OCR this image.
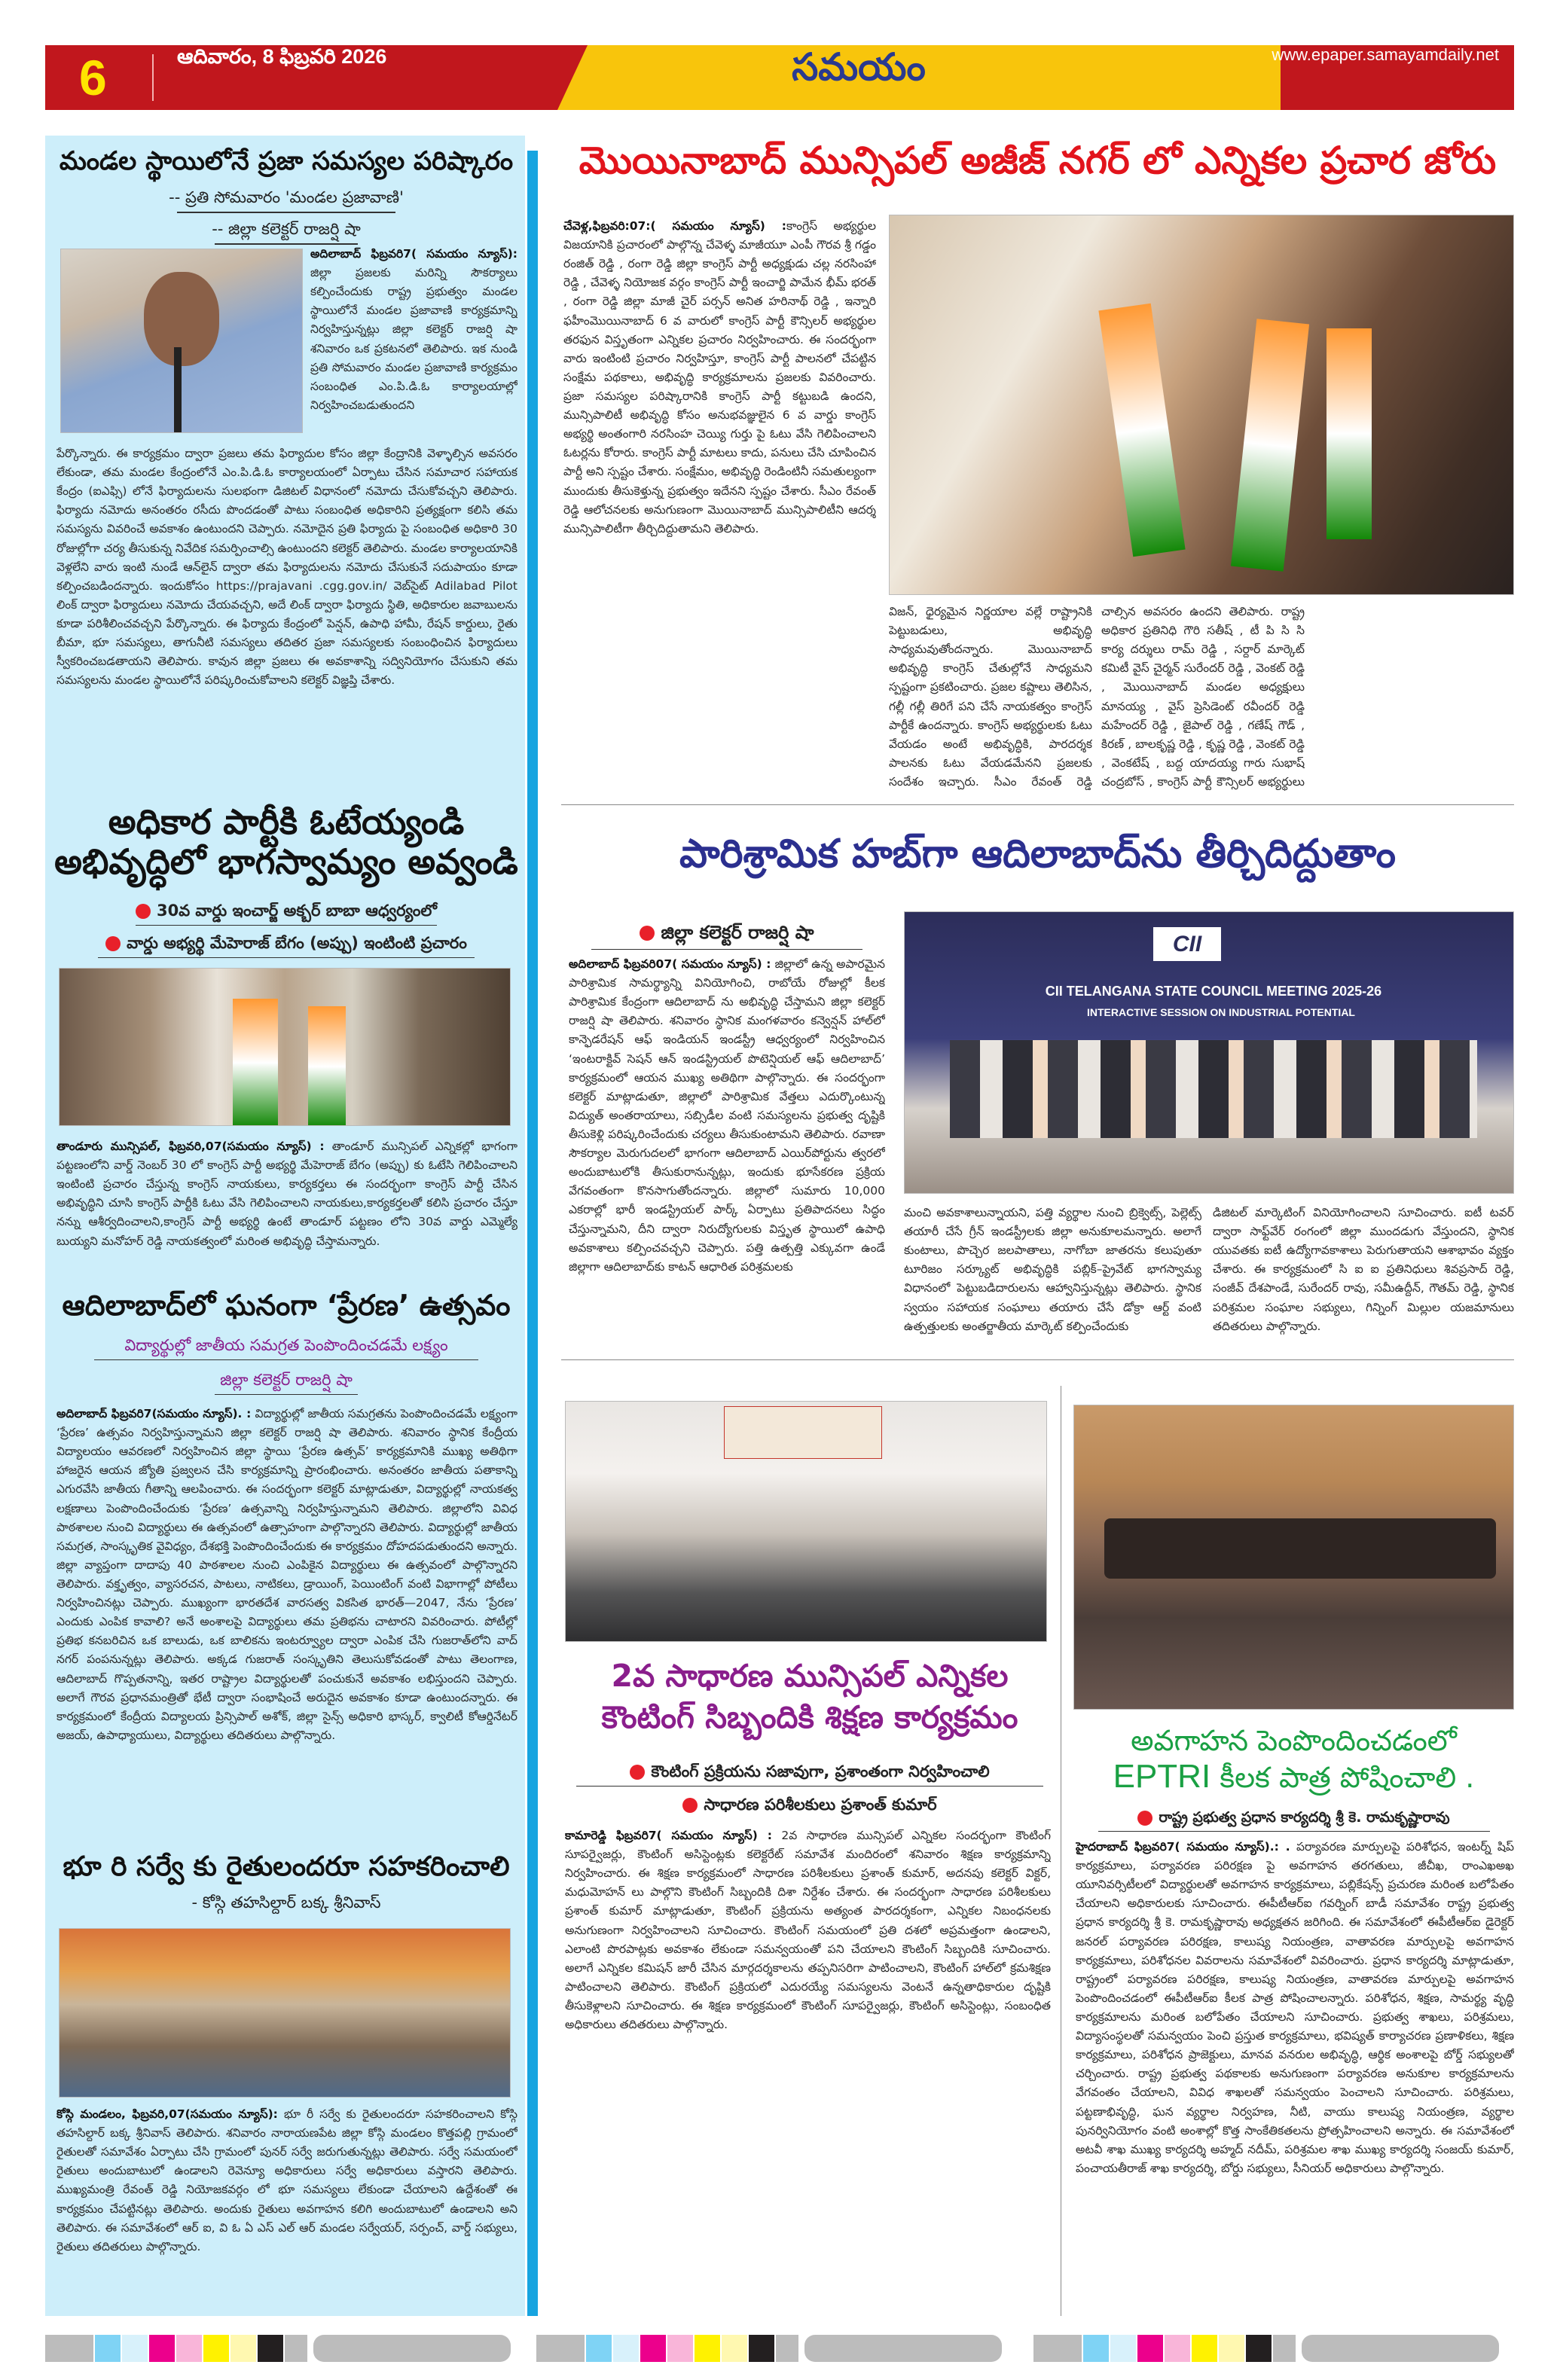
6	ఆదివారం, 8 ఫిబ్రవరి 2026	సమయం	www.epaper.samayamdaily.net
మండల స్థాయిలోనే ప్రజా సమస్యల పరిష్కారం
-- ప్రతి సోమవారం 'మండల ప్రజావాణి'
-- జిల్లా కలెక్టర్ రాజర్షి షా
అదిలాబాద్ ఫిబ్రవరి7( సమయం న్యూస్): జిల్లా ప్రజలకు మరిన్ని సౌకర్యాలు కల్పించేందుకు రాష్ట్ర ప్రభుత్వం మండల స్థాయిలోనే మండల ప్రజావాణి కార్యక్రమాన్ని నిర్వహిస్తున్నట్లు జిల్లా కలెక్టర్ రాజర్షి షా శనివారం ఒక ప్రకటనలో తెలిపారు. ఇక నుండి ప్రతి సోమవారం మండల ప్రజావాణి కార్యక్రమం సంబంధిత ఎం.పి.డి.ఓ కార్యాలయాల్లో నిర్వహించబడుతుందని
పేర్కొన్నారు. ఈ కార్యక్రమం ద్వారా ప్రజలు తమ ఫిర్యాదుల కోసం జిల్లా కేంద్రానికి వెళ్ళాల్సిన అవసరం లేకుండా, తమ మండల కేంద్రంలోనే ఎం.పి.డి.ఓ కార్యాలయంలో ఏర్పాటు చేసిన సమాచార సహాయక కేంద్రం (ఐఎఫ్సి) లోనే ఫిర్యాదులను సులభంగా డిజిటల్ విధానంలో నమోదు చేసుకోవచ్చని తెలిపారు. ఫిర్యాదు నమోదు అనంతరం రసీదు పొందడంతో పాటు సంబంధిత అధికారిని ప్రత్యక్షంగా కలిసి తమ సమస్యను వివరించే అవకాశం ఉంటుందని చెప్పారు. నమోదైన ప్రతి ఫిర్యాదు పై సంబంధిత అధికారి 30 రోజుల్లోగా చర్య తీసుకున్న నివేదిక సమర్పించాల్సి ఉంటుందని కలెక్టర్ తెలిపారు. మండల కార్యాలయానికి వెళ్లలేని వారు ఇంటి నుండే ఆన్‌లైన్ ద్వారా తమ ఫిర్యాదులను నమోదు చేసుకునే సదుపాయం కూడా కల్పించబడిందన్నారు. ఇందుకోసం https://prajavani .cgg.gov.in/ వెబ్‌సైట్ Adilabad Pilot లింక్ ద్వారా ఫిర్యాదులు నమోదు చేయవచ్చని, అదే లింక్ ద్వారా ఫిర్యాదు స్థితి, అధికారుల జవాబులను కూడా పరిశీలించవచ్చని పేర్కొన్నారు. ఈ ఫిర్యాదు కేంద్రంలో పెన్షన్, ఉపాధి హామీ, రేషన్ కార్డులు, రైతు బీమా, భూ సమస్యలు, తాగునీటి సమస్యలు తదితర ప్రజా సమస్యలకు సంబంధించిన ఫిర్యాదులు స్వీకరించబడతాయని తెలిపారు. కావున జిల్లా ప్రజలు ఈ అవకాశాన్ని సద్వినియోగం చేసుకుని తమ సమస్యలను మండల స్థాయిలోనే పరిష్కరించుకోవాలని కలెక్టర్ విజ్ఞప్తి చేశారు.
అధికార పార్టీకి ఓటేయ్యండి అభివృద్ధిలో భాగస్వామ్యం అవ్వండి
30వ వార్డు ఇంచార్జ్ అక్బర్ బాబా ఆధ్వర్యంలో
వార్డు అభ్యర్థి మేహెరాజ్ బేగం (అప్పు) ఇంటింటి ప్రచారం
తాండూరు మున్సిపల్, ఫిబ్రవరి,07(సమయం న్యూస్) : తాండూర్ మున్సిపల్ ఎన్నికల్లో భాగంగా పట్టణంలోని వార్డ్ నెంబర్ 30 లో కాంగ్రెస్ పార్టీ అభ్యర్థి మేహెరాజ్ బేగం (అప్పు) కు ఓటేసి గెలిపించాలని ఇంటింటి ప్రచారం చేస్తున్న కాంగ్రెస్ నాయకులు, కార్యకర్తలు ఈ సందర్భంగా కాంగ్రెస్ పార్టీ చేసిన అభివృద్ధిని చూసి కాంగ్రెస్ పార్టీకి ఓటు వేసి గెలిపించాలని నాయకులు,కార్యకర్తలతో కలిసి ప్రచారం చేస్తూ నన్ను ఆశీర్వదించాలని,కాంగ్రెస్ పార్టీ అభ్యర్థి ఉంటే తాండూర్ పట్టణం లోని 30వ వార్డు ఎమ్మెల్యే బుయ్యని మనోహర్ రెడ్డి నాయకత్వంలో మరింత అభివృద్ధి చేస్తామన్నారు.
ఆదిలాబాద్‌లో ఘనంగా ‘ప్రేరణ’ ఉత్సవం
విద్యార్థుల్లో జాతీయ సమగ్రత పెంపొందించడమే లక్ష్యం
జిల్లా కలెక్టర్ రాజర్షి షా
అదిలాబాద్ ఫిబ్రవరి7(సమయం న్యూస్). : విద్యార్థుల్లో జాతీయ సమగ్రతను పెంపొందించడమే లక్ష్యంగా ‘ప్రేరణ’ ఉత్సవం నిర్వహిస్తున్నామని జిల్లా కలెక్టర్ రాజర్షి షా తెలిపారు. శనివారం స్థానిక కేంద్రీయ విద్యాలయం ఆవరణలో నిర్వహించిన జిల్లా స్థాయి ‘ప్రేరణ ఉత్సవ్’ కార్యక్రమానికి ముఖ్య అతిథిగా హాజరైన ఆయన జ్యోతి ప్రజ్వలన చేసి కార్యక్రమాన్ని ప్రారంభించారు. అనంతరం జాతీయ పతాకాన్ని ఎగురవేసి జాతీయ గీతాన్ని ఆలపించారు. ఈ సందర్భంగా కలెక్టర్ మాట్లాడుతూ, విద్యార్థుల్లో నాయకత్వ లక్షణాలు పెంపొందించేందుకు ‘ప్రేరణ’ ఉత్సవాన్ని నిర్వహిస్తున్నామని తెలిపారు. జిల్లాలోని వివిధ పాఠశాలల నుంచి విద్యార్థులు ఈ ఉత్సవంలో ఉత్సాహంగా పాల్గొన్నారని తెలిపారు. విద్యార్థుల్లో జాతీయ సమగ్రత, సాంస్కృతిక వైవిధ్యం, దేశభక్తి పెంపొందించేందుకు ఈ కార్యక్రమం దోహదపడుతుందని అన్నారు. జిల్లా వ్యాప్తంగా దాదాపు 40 పాఠశాలల నుంచి ఎంపికైన విద్యార్థులు ఈ ఉత్సవంలో పాల్గొన్నారని తెలిపారు. వక్తృత్వం, వ్యాసరచన, పాటలు, నాటికలు, డ్రాయింగ్, పెయింటింగ్ వంటి విభాగాల్లో పోటీలు నిర్వహించినట్లు చెప్పారు. ముఖ్యంగా భారతదేశ వారసత్వ వికసిత భారత్—2047, నేను ‘ప్రేరణ’ ఎందుకు ఎంపిక కావాలి? అనే అంశాలపై విద్యార్థులు తమ ప్రతిభను చాటారని వివరించారు. పోటీల్లో ప్రతిభ కనబరిచిన ఒక బాలుడు, ఒక బాలికను ఇంటర్వ్యూల ద్వారా ఎంపిక చేసి గుజరాత్‌లోని వాద్ నగర్ పంపనున్నట్లు తెలిపారు. అక్కడ గుజరాత్ సంస్కృతిని తెలుసుకోవడంతో పాటు తెలంగాణ, ఆదిలాబాద్ గొప్పతనాన్ని, ఇతర రాష్ట్రాల విద్యార్థులతో పంచుకునే అవకాశం లభిస్తుందని చెప్పారు. అలాగే గౌరవ ప్రధానమంత్రితో భేటీ ద్వారా సంభాషించే అరుదైన అవకాశం కూడా ఉంటుందన్నారు. ఈ కార్యక్రమంలో కేంద్రీయ విద్యాలయ ప్రిన్సిపాల్ అశోక్, జిల్లా సైన్స్ అధికారి భాస్కర్, క్వాలిటీ కోఆర్డినేటర్ అజయ్, ఉపాధ్యాయులు, విద్యార్థులు తదితరులు పాల్గొన్నారు.
భూ రి సర్వే కు రైతులందరూ సహకరించాలి
- కోస్గి తహసిల్దార్ బక్క శ్రీనివాస్
కోస్గి మండలం, ఫిబ్రవరి,07(సమయం న్యూస్): భూ రీ సర్వే కు రైతులందరూ సహకరించాలని కోస్గి తహసిల్దార్ బక్క శ్రీనివాస్ తెలిపారు. శనివారం నారాయణపేట జిల్లా కోస్గి మండలం కొత్తపల్లి గ్రామంలో రైతులతో సమావేశం ఏర్పాటు చేసి గ్రామంలో పునర్ సర్వే జరుగుతున్నట్లు తెలిపారు. సర్వే సమయంలో రైతులు అందుబాటులో ఉండాలని రెవెన్యూ అధికారులు సర్వే అధికారులు వస్తారని తెలిపారు. ముఖ్యమంత్రి రేవంత్ రెడ్డి నియోజకవర్గం లో భూ సమస్యలు లేకుండా చేయాలని ఉద్దేశంతో ఈ కార్యక్రమం చేపట్టినట్లు తెలిపారు. అందుకు రైతులు అవగాహన కలిగి అందుబాటులో ఉండాలని అని తెలిపారు. ఈ సమావేశంలో ఆర్ ఐ, వి ఓ ఏ ఎస్ ఎల్ ఆర్ మండల సర్వేయర్, సర్పంచ్, వార్డ్ సభ్యులు, రైతులు తదితరులు పాల్గొన్నారు.
మొయినాబాద్ మున్సిపల్ అజీజ్ నగర్ లో ఎన్నికల ప్రచార జోరు
చేవెళ్ల,ఫిబ్రవరి:07:( సమయం న్యూస్) :కాంగ్రెస్ అభ్యర్థుల విజయానికి ప్రచారంలో పాల్గొన్న చేవెళ్ళ మాజీయూ ఎంపీ గౌరవ శ్రీ గడ్డం రంజిత్ రెడ్డి , రంగా రెడ్డి జిల్లా కాంగ్రెస్ పార్టీ అధ్యక్షుడు చల్ల నరసింహా రెడ్డి , చేవెళ్ళ నియోజక వర్గం కాంగ్రెస్ పార్టీ ఇంచార్జి పామేన భీమ్ భరత్ , రంగా రెడ్డి జిల్లా మాజీ చైర్ పర్సన్ అనిత హరినాథ్ రెడ్డి , ఇన్నారి ఫహీంమొయినాబాద్ 6 వ వారులో కాంగ్రెస్ పార్టీ కౌన్సిలర్ అభ్యర్థుల తరఫున విస్తృతంగా ఎన్నికల ప్రచారం నిర్వహించారు. ఈ సందర్భంగా వారు ఇంటింటి ప్రచారం నిర్వహిస్తూ, కాంగ్రెస్ పార్టీ పాలనలో చేపట్టిన సంక్షేమ పథకాలు, అభివృద్ధి కార్యక్రమాలను ప్రజలకు వివరించారు. ప్రజా సమస్యల పరిష్కారానికి కాంగ్రెస్ పార్టీ కట్టుబడి ఉందని, మున్సిపాలిటీ అభివృద్ధి కోసం అనుభవజ్ఞులైన 6 వ వార్డు కాంగ్రెస్ అభ్యర్థి అంతంగారి నరసింహ చెయ్యి గుర్తు పై ఓటు వేసి గెలిపించాలని ఓటర్లను కోరారు. కాంగ్రెస్ పార్టీ మాటలు కాదు, పనులు చేసి చూపించిన పార్టీ అని స్పష్టం చేశారు. సంక్షేమం, అభివృద్ధి రెండింటినీ సమతుల్యంగా ముందుకు తీసుకెళ్తున్న ప్రభుత్వం ఇదేనని స్పష్టం చేశారు. సీఎం రేవంత్ రెడ్డి ఆలోచనలకు అనుగుణంగా మొయినాబాద్ మున్సిపాలిటీని ఆదర్శ మున్సిపాలిటీగా తీర్చిదిద్దుతామని తెలిపారు.
విజన్, ధైర్యమైన నిర్ణయాల వల్లే రాష్ట్రానికి పెట్టుబడులు, అభివృద్ధి సాధ్యమవుతోందన్నారు. మొయినాబాద్ అభివృద్ధి కాంగ్రెస్ చేతుల్లోనే సాధ్యమని స్పష్టంగా ప్రకటించారు. ప్రజల కష్టాలు తెలిసిన, గల్లీ గల్లీ తిరిగే పని చేసే నాయకత్వం కాంగ్రెస్ పార్టీకే ఉందన్నారు. కాంగ్రెస్ అభ్యర్థులకు ఓటు వేయడం అంటే అభివృద్ధికి, పారదర్శక పాలనకు ఓటు వేయడమేనని ప్రజలకు సందేశం ఇచ్చారు. సీఎం రేవంత్ రెడ్డి
చాల్సిన అవసరం ఉందని తెలిపారు. రాష్ట్ర అధికార ప్రతినిధి గౌరి సతీష్ , టీ పి సి సి కార్య దర్శులు రామ్ రెడ్డి , సర్దార్ మార్కెట్ కమిటీ వైస్ చైర్మన్ సురేందర్ రెడ్డి , వెంకట్ రెడ్డి , మొయినాబాద్ మండల అధ్యక్షులు మానయ్య , వైస్ ప్రెసిడెంట్ రవీందర్ రెడ్డి మహేందర్ రెడ్డి , జైపాల్ రెడ్డి , గణేష్ గౌడ్ , కిరణ్ , బాలకృష్ణ రెడ్డి , కృష్ణ రెడ్డి , వెంకట్ రెడ్డి , వెంకటేష్ , బద్ద యాదయ్య గారు సుభాష్ చంద్రబోస్ , కాంగ్రెస్ పార్టీ కౌన్సిలర్ అభ్యర్థులు
పారిశ్రామిక హబ్‌గా ఆదిలాబాద్‌ను తీర్చిదిద్దుతాం
జిల్లా కలెక్టర్ రాజర్షి షా
అదిలాబాద్ ఫిబ్రవరి07( సమయం న్యూస్) : జిల్లాలో ఉన్న అపారమైన పారిశ్రామిక సామర్థ్యాన్ని వినియోగించి, రాబోయే రోజుల్లో కీలక పారిశ్రామిక కేంద్రంగా ఆదిలాబాద్ ను అభివృద్ధి చేస్తామని జిల్లా కలెక్టర్ రాజర్షి షా తెలిపారు. శనివారం స్థానిక మంగళవారం కన్వెన్షన్ హాల్‌లో కాన్ఫెడరేషన్ ఆఫ్ ఇండియన్ ఇండస్ట్రీ ఆధ్వర్యంలో నిర్వహించిన ‘ఇంటరాక్టివ్ సెషన్ ఆన్ ఇండస్ట్రియల్ పొటెన్షియల్ ఆఫ్ ఆదిలాబాద్’ కార్యక్రమంలో ఆయన ముఖ్య అతిథిగా పాల్గొన్నారు. ఈ సందర్భంగా కలెక్టర్ మాట్లాడుతూ, జిల్లాలో పారిశ్రామిక వేత్తలు ఎదుర్కొంటున్న విద్యుత్ అంతరాయాలు, సబ్సిడీల వంటి సమస్యలను ప్రభుత్వ దృష్టికి తీసుకెళ్లి పరిష్కరించేందుకు చర్యలు తీసుకుంటామని తెలిపారు. రవాణా సౌకర్యాల మెరుగుదలలో భాగంగా ఆదిలాబాద్ ఎయిర్‌పోర్టును త్వరలో అందుబాటులోకి తీసుకురానున్నట్లు, ఇందుకు భూసేకరణ ప్రక్రియ వేగవంతంగా కొనసాగుతోందన్నారు. జిల్లాలో సుమారు 10,000 ఎకరాల్లో భారీ ఇండస్ట్రియల్ పార్క్ ఏర్పాటు ప్రతిపాదనలు సిద్ధం చేస్తున్నామని, దీని ద్వారా నిరుద్యోగులకు విస్తృత స్థాయిలో ఉపాధి అవకాశాలు కల్పించవచ్చని చెప్పారు. పత్తి ఉత్పత్తి ఎక్కువగా ఉండే జిల్లాగా ఆదిలాబాద్‌కు కాటన్ ఆధారిత పరిశ్రమలకు
CII
CII TELANGANA STATE COUNCIL MEETING 2025-26
INTERACTIVE SESSION ON INDUSTRIAL POTENTIAL
మంచి అవకాశాలున్నాయని, పత్తి వ్యర్థాల నుంచి బ్రిక్వెట్స్, పెల్లెట్స్ తయారీ చేసే గ్రీన్ ఇండస్ట్రీలకు జిల్లా అనుకూలమన్నారు. అలాగే కుంటాలు, పొచ్చెర జలపాతాలు, నాగోబా జాతరను కలుపుతూ టూరిజం సర్క్యూట్ అభివృద్ధికి పబ్లిక్–ప్రైవేట్ భాగస్వామ్య విధానంలో పెట్టుబడిదారులను ఆహ్వానిస్తున్నట్లు తెలిపారు. స్థానిక స్వయం సహాయక సంఘాలు తయారు చేసే డోక్రా ఆర్ట్ వంటి ఉత్పత్తులకు అంతర్జాతీయ మార్కెట్ కల్పించేందుకు
డిజిటల్ మార్కెటింగ్ వినియోగించాలని సూచించారు. ఐటీ టవర్ ద్వారా సాఫ్ట్‌వేర్ రంగంలో జిల్లా ముందడుగు వేస్తుందని, స్థానిక యువతకు ఐటీ ఉద్యోగావకాశాలు పెరుగుతాయని ఆశాభావం వ్యక్తం చేశారు. ఈ కార్యక్రమంలో సి ఐ ఐ ప్రతినిధులు శివప్రసాద్ రెడ్డి, సంజీవ్ దేశపాండే, సురేందర్ రావు, సమీఉద్దీన్, గౌతమ్ రెడ్డి, స్థానిక పరిశ్రమల సంఘాల సభ్యులు, గిన్నింగ్ మిల్లుల యజమానులు తదితరులు పాల్గొన్నారు.
2వ సాధారణ మున్సిపల్ ఎన్నికల కౌంటింగ్ సిబ్బందికి శిక్షణ కార్యక్రమం
కౌంటింగ్ ప్రక్రియను సజావుగా, ప్రశాంతంగా నిర్వహించాలి
సాధారణ పరిశీలకులు ప్రశాంత్ కుమార్
కామారెడ్డి ఫిబ్రవరి7( సమయం న్యూస్) : 2వ సాధారణ మున్సిపల్ ఎన్నికల సందర్భంగా కౌంటింగ్ సూపర్వైజర్లు, కౌంటింగ్ అసిస్టెంట్లకు కలెక్టరేట్ సమావేశ మందిరంలో శనివారం శిక్షణ కార్యక్రమాన్ని నిర్వహించారు. ఈ శిక్షణ కార్యక్రమంలో సాధారణ పరిశీలకులు ప్రశాంత్ కుమార్, అదనపు కలెక్టర్ విక్టర్, మధుమోహన్ లు పాల్గొని కౌంటింగ్ సిబ్బందికి దిశా నిర్దేశం చేశారు. ఈ సందర్భంగా సాధారణ పరిశీలకులు ప్రశాంత్ కుమార్ మాట్లాడుతూ, కౌంటింగ్ ప్రక్రియను అత్యంత పారదర్శకంగా, ఎన్నికల నిబంధనలకు అనుగుణంగా నిర్వహించాలని సూచించారు. కౌంటింగ్ సమయంలో ప్రతి దశలో అప్రమత్తంగా ఉండాలని, ఎలాంటి పొరపాట్లకు అవకాశం లేకుండా సమన్వయంతో పని చేయాలని కౌంటింగ్ సిబ్బందికి సూచించారు. అలాగే ఎన్నికల కమిషన్ జారీ చేసిన మార్గదర్శకాలను తప్పనిసరిగా పాటించాలని, కౌంటింగ్ హాల్‌లో క్రమశిక్షణ పాటించాలని తెలిపారు. కౌంటింగ్ ప్రక్రియలో ఎదురయ్యే సమస్యలను వెంటనే ఉన్నతాధికారుల దృష్టికి తీసుకెళ్లాలని సూచించారు. ఈ శిక్షణ కార్యక్రమంలో కౌంటింగ్ సూపర్వైజర్లు, కౌంటింగ్ అసిస్టెంట్లు, సంబంధిత అధికారులు తదితరులు పాల్గొన్నారు.
అవగాహన పెంపొందించడంలో
EPTRI కీలక పాత్ర పోషించాలి .
రాష్ట్ర ప్రభుత్వ ప్రధాన కార్యదర్శి శ్రీ కె. రామకృష్ణారావు
హైదరాబాద్ ఫిబ్రవరి7( సమయం న్యూస్).: . పర్యావరణ మార్పులపై పరిశోధన, ఇంటర్న్ షిప్ కార్యక్రమాలు, పర్యావరణ పరిరక్షణ పై అవగాహన తరగతులు, జీచీఖ, రాంఎఖఅఖ యూనివర్సిటీలలో విద్యార్థులతో అవగాహన కార్యక్రమాలు, పబ్లికేషన్స్ ప్రచురణ మరింత బలోపేతం చేయాలని అధికారులకు సూచించారు. ఈపీటీఆర్ఐ గవర్నింగ్ బాడీ సమావేశం రాష్ట్ర ప్రభుత్వ ప్రధాన కార్యదర్శి శ్రీ కె. రామకృష్ణారావు అధ్యక్షతన జరిగింది. ఈ సమావేశంలో ఈపీటీఆర్ఐ డైరెక్టర్ జనరల్ పర్యావరణ పరిరక్షణ, కాలుష్య నియంత్రణ, వాతావరణ మార్పులపై అవగాహన కార్యక్రమాలు, పరిశోధనల వివరాలను సమావేశంలో వివరించారు. ప్రధాన కార్యదర్శి మాట్లాడుతూ, రాష్ట్రంలో పర్యావరణ పరిరక్షణ, కాలుష్య నియంత్రణ, వాతావరణ మార్పులపై అవగాహన పెంపొందించడంలో ఈపీటీఆర్ఐ కీలక పాత్ర పోషించాలన్నారు. పరిశోధన, శిక్షణ, సామర్థ్య వృద్ధి కార్యక్రమాలను మరింత బలోపేతం చేయాలని సూచించారు. ప్రభుత్వ శాఖలు, పరిశ్రమలు, విద్యాసంస్థలతో సమన్వయం పెంచి ప్రస్తుత కార్యక్రమాలు, భవిష్యత్ కార్యాచరణ ప్రణాళికలు, శిక్షణ కార్యక్రమాలు, పరిశోధన ప్రాజెక్టులు, మానవ వనరుల అభివృద్ధి, ఆర్థిక అంశాలపై బోర్డ్ సభ్యులతో చర్చించారు. రాష్ట్ర ప్రభుత్వ పథకాలకు అనుగుణంగా పర్యావరణ అనుకూల కార్యక్రమాలను వేగవంతం చేయాలని, వివిధ శాఖలతో సమన్వయం పెంచాలని సూచించారు. పరిశ్రమలు, పట్టణాభివృద్ధి, ఘన వ్యర్థాల నిర్వహణ, నీటి, వాయు కాలుష్య నియంత్రణ, వ్యర్థాల పునర్వినియోగం వంటి అంశాల్లో కొత్త సాంకేతికతలను ప్రోత్సహించాలని అన్నారు. ఈ సమావేశంలో అటవీ శాఖ ముఖ్య కార్యదర్శి అహ్మద్ నదీమ్, పరిశ్రమల శాఖ ముఖ్య కార్యదర్శి సంజయ్ కుమార్, పంచాయతీరాజ్ శాఖ కార్యదర్శి, బోర్డు సభ్యులు, సీనియర్ అధికారులు పాల్గొన్నారు.
